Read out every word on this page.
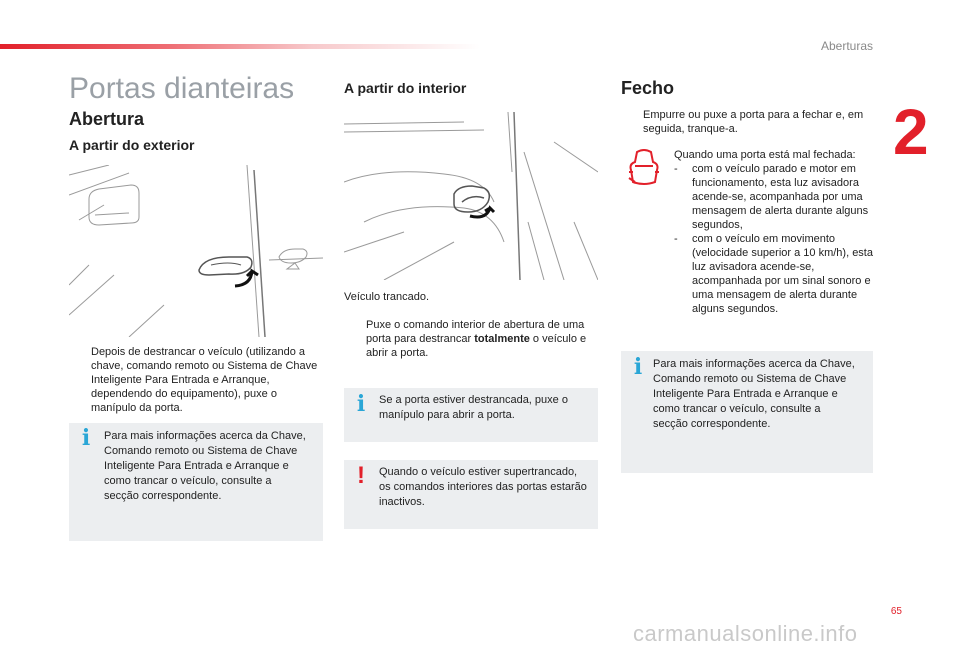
Aberturas
2
Portas dianteiras
Abertura
A partir do exterior
Depois de destrancar o veículo (utilizando a chave, comando remoto ou Sistema de Chave Inteligente Para Entrada e Arranque, dependendo do equipamento), puxe o manípulo da porta.
i Para mais informações acerca da Chave, Comando remoto ou Sistema de Chave Inteligente Para Entrada e Arranque e como trancar o veículo, consulte a secção correspondente.
A partir do interior
Veículo trancado.
Puxe o comando interior de abertura de uma porta para destrancar totalmente o veículo e abrir a porta.
i Se a porta estiver destrancada, puxe o manípulo para abrir a porta.
! Quando o veículo estiver supertrancado, os comandos interiores das portas estarão inactivos.
Fecho
Empurre ou puxe a porta para a fechar e, em seguida, tranque-a.
Quando uma porta está mal fechada:
-	com o veículo parado e motor em funcionamento, esta luz avisadora acende-se, acompanhada por uma mensagem de alerta durante alguns segundos,
-	com o veículo em movimento (velocidade superior a 10 km/h), esta luz avisadora acende-se, acompanhada por um sinal sonoro e uma mensagem de alerta durante alguns segundos.
i Para mais informações acerca da Chave, Comando remoto ou Sistema de Chave Inteligente Para Entrada e Arranque e como trancar o veículo, consulte a secção correspondente.
65
carmanualsonline.info
